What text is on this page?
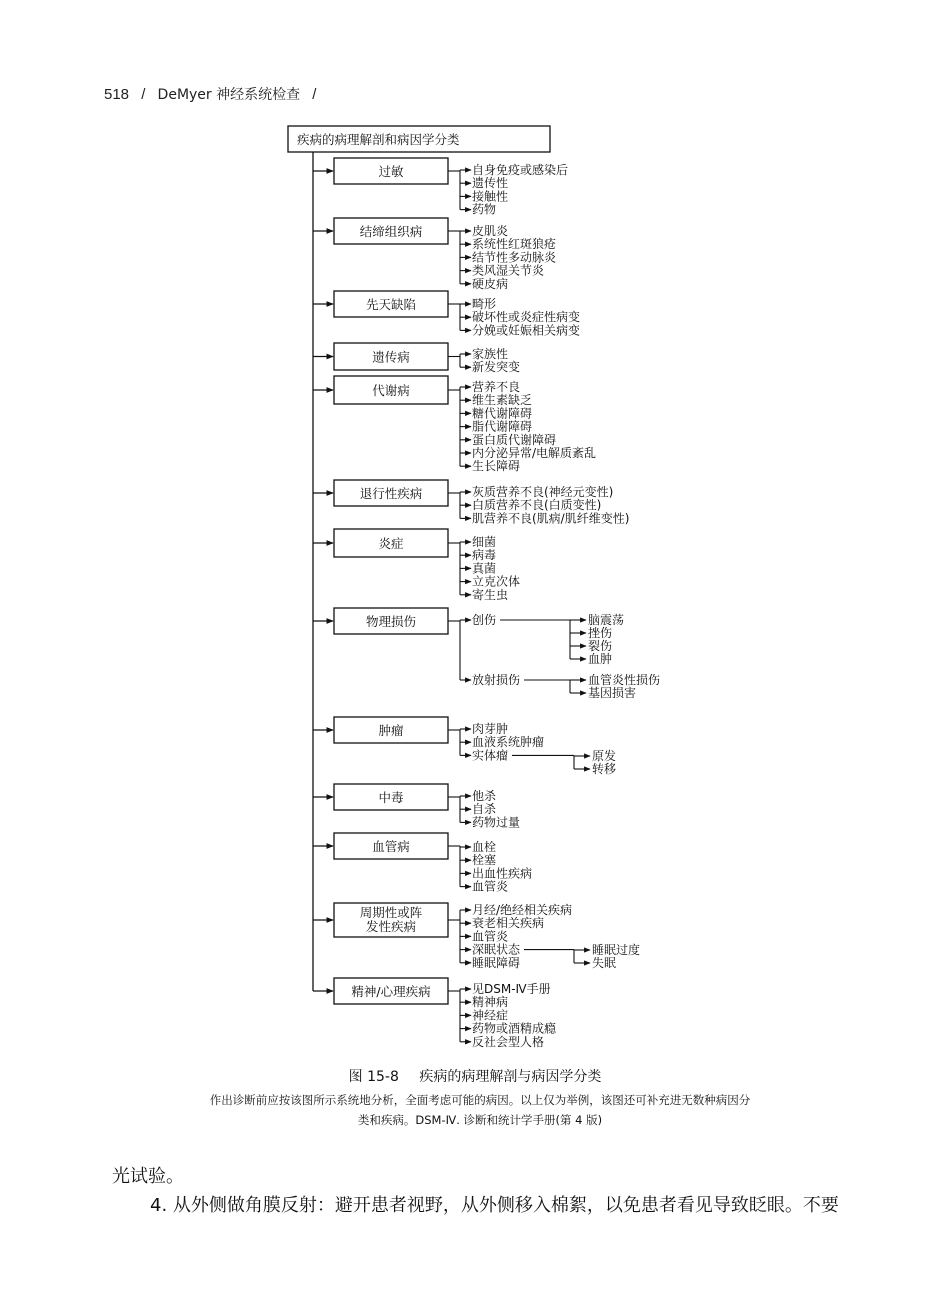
518 / DeMyer 神经系统检查 /
疾病的病理解剖和病因学分类
过敏	自身免疫或感染后
遗传性
接触性
药物
结缔组织病	皮肌炎
系统性红斑狼疮
结节性多动脉炎
类风湿关节炎
硬皮病
先天缺陷	畸形
破坏性或炎症性病变
分娩或妊娠相关病变
遗传病	家族性
新发突变
代谢病	营养不良
维生素缺乏
糖代谢障碍
脂代谢障碍
蛋白质代谢障碍
内分泌异常/电解质紊乱
生长障碍
退行性疾病	灰质营养不良(神经元变性)
白质营养不良(白质变性)
肌营养不良(肌病/肌纤维变性)
炎症	细菌
病毒
真菌
立克次体
寄生虫
物理损伤	创伤	脑震荡
挫伤
裂伤
血肿
放射损伤	血管炎性损伤
基因损害
肿瘤	肉芽肿
血液系统肿瘤
实体瘤	原发
转移
中毒	他杀
自杀
药物过量
血管病	血栓
栓塞
出血性疾病
血管炎
周期性或阵
发性疾病
月经/绝经相关疾病
衰老相关疾病
血管炎
深眠状态	睡眠过度
失眠
睡眠障碍
精神/心理疾病	见DSM-Ⅳ手册
精神病
神经症
药物或酒精成瘾
反社会型人格
图 15-8 疾病的病理解剖与病因学分类
作出诊断前应按该图所示系统地分析，全面考虑可能的病因。以上仅为举例，该图还可补充进无数种病因分
类和疾病。DSM-Ⅳ. 诊断和统计学手册(第 4 版)
光试验。
4. 从外侧做角膜反射：避开患者视野，从外侧移入棉絮，以免患者看见导致眨眼。不要
